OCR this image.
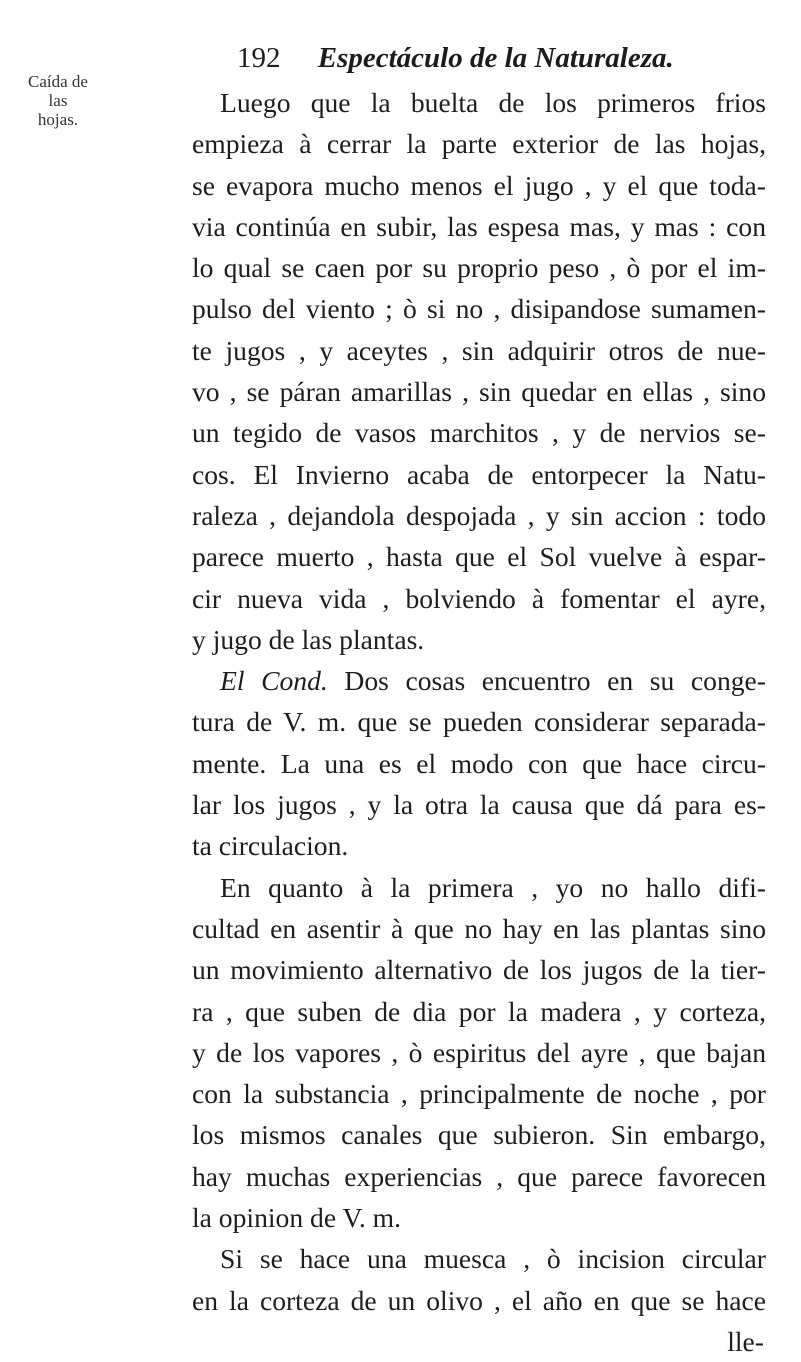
192 Espectáculo de la Naturaleza.
Caída de las
hojas.
Luego que la buelta de los primeros frios
empieza à cerrar la parte exterior de las hojas,
se evapora mucho menos el jugo , y el que toda-
via continúa en subir, las espesa mas, y mas : con
lo qual se caen por su proprio peso , ò por el im-
pulso del viento ; ò si no , disipandose sumamen-
te jugos , y aceytes , sin adquirir otros de nue-
vo , se páran amarillas , sin quedar en ellas , sino
un tegido de vasos marchitos , y de nervios se-
cos. El Invierno acaba de entorpecer la Natu-
raleza , dejandola despojada , y sin accion : todo
parece muerto , hasta que el Sol vuelve à espar-
cir nueva vida , bolviendo à fomentar el ayre,
y jugo de las plantas.
El Cond. Dos cosas encuentro en su conge-
tura de V. m. que se pueden considerar separada-
mente. La una es el modo con que hace circu-
lar los jugos , y la otra la causa que dá para es-
ta circulacion.
En quanto à la primera , yo no hallo difi-
cultad en asentir à que no hay en las plantas sino
un movimiento alternativo de los jugos de la tier-
ra , que suben de dia por la madera , y corteza,
y de los vapores , ò espiritus del ayre , que bajan
con la substancia , principalmente de noche , por
los mismos canales que subieron. Sin embargo,
hay muchas experiencias , que parece favorecen
la opinion de V. m.
Si se hace una muesca , ò incision circular
en la corteza de un olivo , el año en que se hace
lle-
